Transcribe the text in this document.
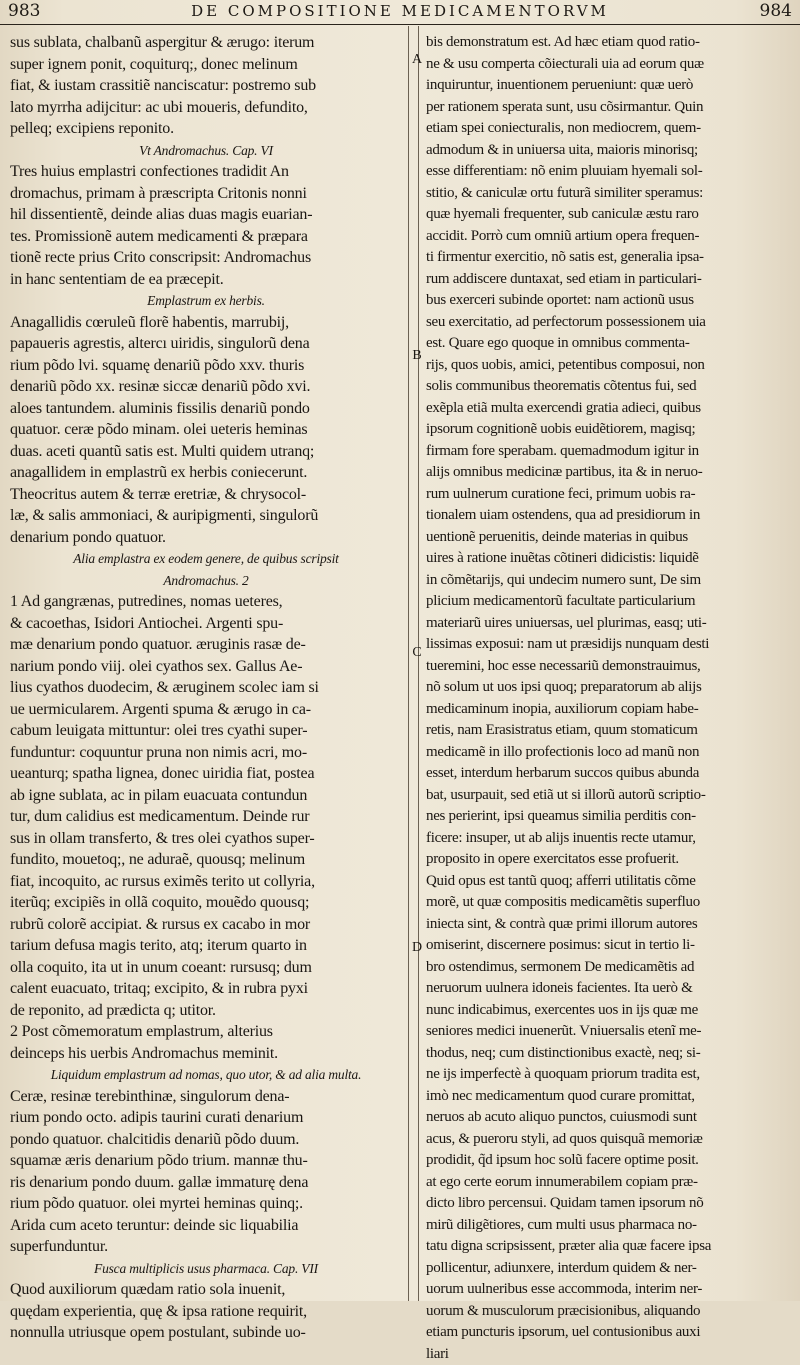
983	DE COMPOSITIONE MEDICAMENTORVM	984
A
B
C
D
sus sublata, chalbanũ aspergitur & ærugo: iterum
super ignem ponit, coquiturq;, donec melinum
fiat, & iustam crassitiẽ nanciscatur: postremo sub
lato myrrha adijcitur: ac ubi moueris, defundito,
pelleq; excipiens reponito.
Vt Andromachus. Cap. VI
Tres huius emplastri confectiones tradidit An
dromachus, primam à præscripta Critonis nonni
hil dissentientẽ, deinde alias duas magis euarian-
tes. Promissionẽ autem medicamenti & præpara
tionẽ recte prius Crito conscripsit: Andromachus
in hanc sententiam de ea præcepit.
Emplastrum ex herbis.
Anagallidis cœruleũ florẽ habentis, marrubij,
papaueris agrestis, altercı uiridis, singulorũ dena
rium põdo lvi. squamę denariũ põdo xxv. thuris
denariũ põdo xx. resinæ siccæ denariũ põdo xvi.
aloes tantundem. aluminis fissilis denariũ pondo
quatuor. ceræ põdo minam. olei ueteris heminas
duas. aceti quantũ satis est. Multi quidem utranq;
anagallidem in emplastrũ ex herbis coniecerunt.
Theocritus autem & terræ eretriæ, & chrysocol-
læ, & salis ammoniaci, & auripigmenti, singulorũ
denarium pondo quatuor.
Alia emplastra ex eodem genere, de quibus scripsit
Andromachus. 2
1 Ad gangrænas, putredines, nomas ueteres,
& cacoethas, Isidori Antiochei. Argenti spu-
mæ denarium pondo quatuor. æruginis rasæ de-
narium pondo viij. olei cyathos sex. Gallus Ae-
lius cyathos duodecim, & æruginem scolec iam si
ue uermicularem. Argenti spuma & ærugo in ca-
cabum leuigata mittuntur: olei tres cyathi super-
funduntur: coquuntur pruna non nimis acri, mo-
ueanturq; spatha lignea, donec uiridia fiat, postea
ab igne sublata, ac in pilam euacuata contundun
tur, dum calidius est medicamentum. Deinde rur
sus in ollam transferto, & tres olei cyathos super-
fundito, mouetoq;, ne aduraẽ, quousq; melinum
fiat, incoquito, ac rursus eximẽs terito ut collyria,
iterũq; excipiẽs in ollã coquito, mouẽdo quousq;
rubrũ colorẽ accipiat. & rursus ex cacabo in mor
tarium defusa magis terito, atq; iterum quarto in
olla coquito, ita ut in unum coeant: rursusq; dum
calent euacuato, tritaq; excipito, & in rubra pyxi
de reponito, ad prædicta q; utitor.
2 Post cõmemoratum emplastrum, alterius
deinceps his uerbis Andromachus meminit.
Liquidum emplastrum ad nomas, quo utor, & ad alia multa.
Ceræ, resinæ terebinthinæ, singulorum dena-
rium pondo octo. adipis taurini curati denarium
pondo quatuor. chalcitidis denariũ põdo duum.
squamæ æris denarium põdo trium. mannæ thu-
ris denarium pondo duum. gallæ immaturę dena
rium põdo quatuor. olei myrtei heminas quinq;.
Arida cum aceto teruntur: deinde sic liquabilia
superfunduntur.
Fusca multiplicis usus pharmaca. Cap. VII
Quod auxiliorum quædam ratio sola inuenit,
quędam experientia, quę & ipsa ratione requirit,
nonnulla utriusque opem postulant, subinde uo-
bis demonstratum est. Ad hæc etiam quod ratio-
ne & usu comperta cõiecturali uia ad eorum quæ
inquiruntur, inuentionem perueniunt: quæ uerò
per rationem sperata sunt, usu cõsirmantur. Quin
etiam spei coniecturalis, non mediocrem, quem-
admodum & in uniuersa uita, maioris minorisq;
esse differentiam: nõ enim pluuiam hyemali sol-
stitio, & caniculæ ortu futurã similiter speramus:
quæ hyemali frequenter, sub caniculæ æstu raro
accidit. Porrò cum omniũ artium opera frequen-
ti firmentur exercitio, nõ satis est, generalia ipsa-
rum addiscere duntaxat, sed etiam in particulari-
bus exerceri subinde oportet: nam actionũ usus
seu exercitatio, ad perfectorum possessionem uia
est. Quare ego quoque in omnibus commenta-
rijs, quos uobis, amici, petentibus composui, non
solis communibus theorematis cõtentus fui, sed
exẽpla etiã multa exercendi gratia adieci, quibus
ipsorum cognitionẽ uobis euidẽtiorem, magisq;
firmam fore sperabam. quemadmodum igitur in
alijs omnibus medicinæ partibus, ita & in neruo-
rum uulnerum curatione feci, primum uobis ra-
tionalem uiam ostendens, qua ad presidiorum in
uentionẽ peruenitis, deinde materias in quibus
uires à ratione inuẽtas cõtineri didicistis: liquidẽ
in cõmẽtarijs, qui undecim numero sunt, De sim
plicium medicamentorũ facultate particularium
materiarũ uires uniuersas, uel plurimas, easq; uti-
lissimas exposui: nam ut præsidijs nunquam desti
tueremini, hoc esse necessariũ demonstrauimus,
nõ solum ut uos ipsi quoq; preparatorum ab alijs
medicaminum inopia, auxiliorum copiam habe-
retis, nam Erasistratus etiam, quum stomaticum
medicamẽ in illo profectionis loco ad manũ non
esset, interdum herbarum succos quibus abunda
bat, usurpauit, sed etiã ut si illorũ autorũ scriptio-
nes perierint, ipsi queamus similia perditis con-
ficere: insuper, ut ab alijs inuentis recte utamur,
proposito in opere exercitatos esse profuerit.
Quid opus est tantũ quoq; afferri utilitatis cõme
morẽ, ut quæ compositis medicamẽtis superfluo
iniecta sint, & contrà quæ primi illorum autores
omiserint, discernere posimus: sicut in tertio li-
bro ostendimus, sermonem De medicamẽtis ad
neruorum uulnera idoneis facientes. Ita uerò &
nunc indicabimus, exercentes uos in ijs quæ me
seniores medici inuenerũt. Vniuersalis etenĩ me-
thodus, neq; cum distinctionibus exactè, neq; si-
ne ijs imperfectè à quoquam priorum tradita est,
imò nec medicamentum quod curare promittat,
neruos ab acuto aliquo punctos, cuiusmodi sunt
acus, & pueroru styli, ad quos quisquã memoriæ
prodidit, q̃d ipsum hoc solũ facere optime posit.
at ego certe eorum innumerabilem copiam præ-
dicto libro percensui. Quidam tamen ipsorum nõ
mirũ diligẽtiores, cum multi usus pharmaca no-
tatu digna scripsissent, præter alia quæ facere ipsa
pollicentur, adiunxere, interdum quidem & ner-
uorum uulneribus esse accommoda, interim ner-
uorum & musculorum præcisionibus, aliquando
etiam puncturis ipsorum, uel contusionibus auxi
liari
